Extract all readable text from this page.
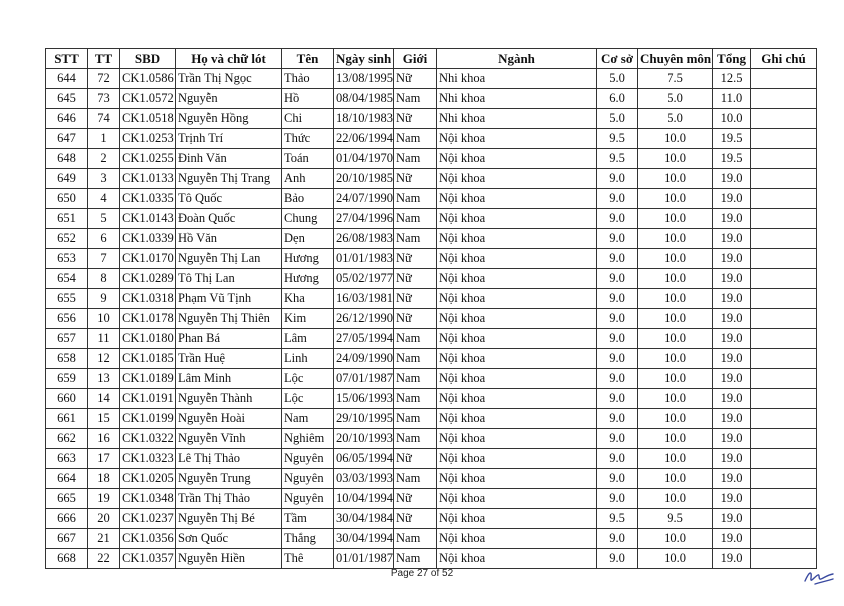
STT	TT	SBD	Họ và chữ lót	Tên	Ngày sinh	Giới	Ngành	Cơ sở	Chuyên môn	Tổng	Ghi chú
644	72	CK1.0586	Trần Thị Ngọc	Thảo	13/08/1995	Nữ	Nhi khoa	5.0	7.5	12.5	
645	73	CK1.0572	Nguyễn	Hồ	08/04/1985	Nam	Nhi khoa	6.0	5.0	11.0	
646	74	CK1.0518	Nguyễn Hồng	Chi	18/10/1983	Nữ	Nhi khoa	5.0	5.0	10.0	
647	1	CK1.0253	Trịnh Trí	Thức	22/06/1994	Nam	Nội khoa	9.5	10.0	19.5	
648	2	CK1.0255	Đinh Văn	Toán	01/04/1970	Nam	Nội khoa	9.5	10.0	19.5	
649	3	CK1.0133	Nguyễn Thị Trang	Anh	20/10/1985	Nữ	Nội khoa	9.0	10.0	19.0	
650	4	CK1.0335	Tô Quốc	Bảo	24/07/1990	Nam	Nội khoa	9.0	10.0	19.0	
651	5	CK1.0143	Đoàn Quốc	Chung	27/04/1996	Nam	Nội khoa	9.0	10.0	19.0	
652	6	CK1.0339	Hồ Văn	Dẹn	26/08/1983	Nam	Nội khoa	9.0	10.0	19.0	
653	7	CK1.0170	Nguyễn Thị Lan	Hương	01/01/1983	Nữ	Nội khoa	9.0	10.0	19.0	
654	8	CK1.0289	Tô Thị Lan	Hương	05/02/1977	Nữ	Nội khoa	9.0	10.0	19.0	
655	9	CK1.0318	Phạm Vũ Tịnh	Kha	16/03/1981	Nữ	Nội khoa	9.0	10.0	19.0	
656	10	CK1.0178	Nguyễn Thị Thiên	Kim	26/12/1990	Nữ	Nội khoa	9.0	10.0	19.0	
657	11	CK1.0180	Phan Bá	Lâm	27/05/1994	Nam	Nội khoa	9.0	10.0	19.0	
658	12	CK1.0185	Trần Huệ	Linh	24/09/1990	Nam	Nội khoa	9.0	10.0	19.0	
659	13	CK1.0189	Lâm Minh	Lộc	07/01/1987	Nam	Nội khoa	9.0	10.0	19.0	
660	14	CK1.0191	Nguyễn Thành	Lộc	15/06/1993	Nam	Nội khoa	9.0	10.0	19.0	
661	15	CK1.0199	Nguyễn Hoài	Nam	29/10/1995	Nam	Nội khoa	9.0	10.0	19.0	
662	16	CK1.0322	Nguyễn Vĩnh	Nghiêm	20/10/1993	Nam	Nội khoa	9.0	10.0	19.0	
663	17	CK1.0323	Lê Thị Thảo	Nguyên	06/05/1994	Nữ	Nội khoa	9.0	10.0	19.0	
664	18	CK1.0205	Nguyễn Trung	Nguyên	03/03/1993	Nam	Nội khoa	9.0	10.0	19.0	
665	19	CK1.0348	Trần Thị Thảo	Nguyên	10/04/1994	Nữ	Nội khoa	9.0	10.0	19.0	
666	20	CK1.0237	Nguyễn Thị Bé	Tầm	30/04/1984	Nữ	Nội khoa	9.5	9.5	19.0	
667	21	CK1.0356	Sơn Quốc	Thắng	30/04/1994	Nam	Nội khoa	9.0	10.0	19.0	
668	22	CK1.0357	Nguyễn Hiền	Thê	01/01/1987	Nam	Nội khoa	9.0	10.0	19.0	
Page 27 of 52
